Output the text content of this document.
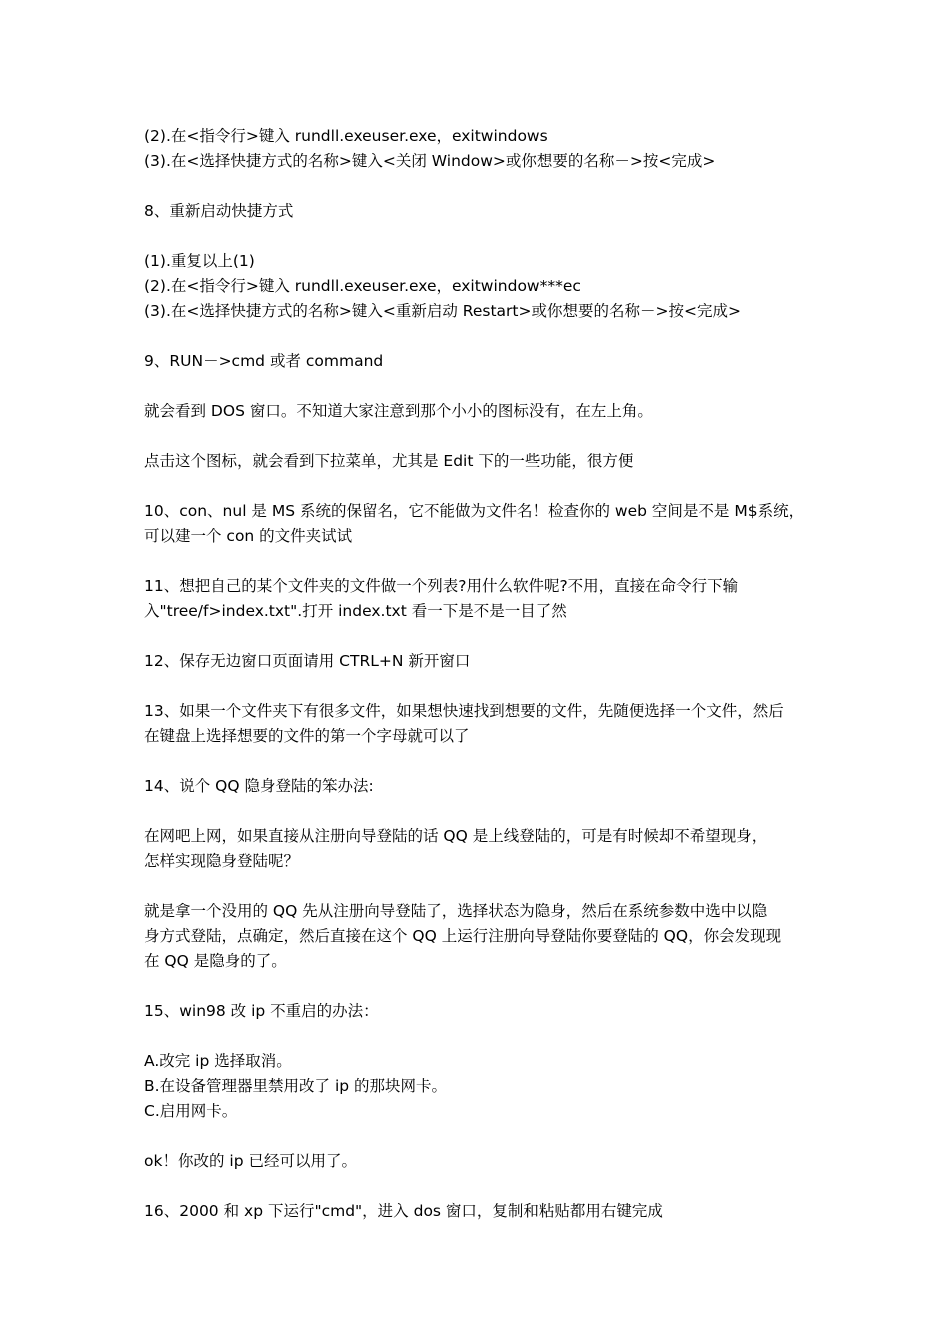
(2).在<指令行>键入 rundll.exeuser.exe，exitwindows
(3).在<选择快捷方式的名称>键入<关闭 Window>或你想要的名称－>按<完成>
8、重新启动快捷方式
(1).重复以上(1)
(2).在<指令行>键入 rundll.exeuser.exe，exitwindow***ec
(3).在<选择快捷方式的名称>键入<重新启动 Restart>或你想要的名称－>按<完成>
9、RUN－>cmd 或者 command
就会看到 DOS 窗口。不知道大家注意到那个小小的图标没有，在左上角。
点击这个图标，就会看到下拉菜单，尤其是 Edit 下的一些功能，很方便
10、con、nul 是 MS 系统的保留名，它不能做为文件名！检查你的 web 空间是不是 M$系统，
可以建一个 con 的文件夹试试
11、想把自己的某个文件夹的文件做一个列表?用什么软件呢?不用，直接在命令行下输
入"tree/f>index.txt".打开 index.txt 看一下是不是一目了然
12、保存无边窗口页面请用 CTRL+N 新开窗口
13、如果一个文件夹下有很多文件，如果想快速找到想要的文件，先随便选择一个文件，然后
在键盘上选择想要的文件的第一个字母就可以了
14、说个 QQ 隐身登陆的笨办法:
在网吧上网，如果直接从注册向导登陆的话 QQ 是上线登陆的，可是有时候却不希望现身，
怎样实现隐身登陆呢？
就是拿一个没用的 QQ 先从注册向导登陆了，选择状态为隐身，然后在系统参数中选中以隐
身方式登陆，点确定，然后直接在这个 QQ 上运行注册向导登陆你要登陆的 QQ，你会发现现
在 QQ 是隐身的了。
15、win98 改 ip 不重启的办法：
A.改完 ip 选择取消。
B.在设备管理器里禁用改了 ip 的那块网卡。
C.启用网卡。
ok！你改的 ip 已经可以用了。
16、2000 和 xp 下运行"cmd"，进入 dos 窗口，复制和粘贴都用右键完成
